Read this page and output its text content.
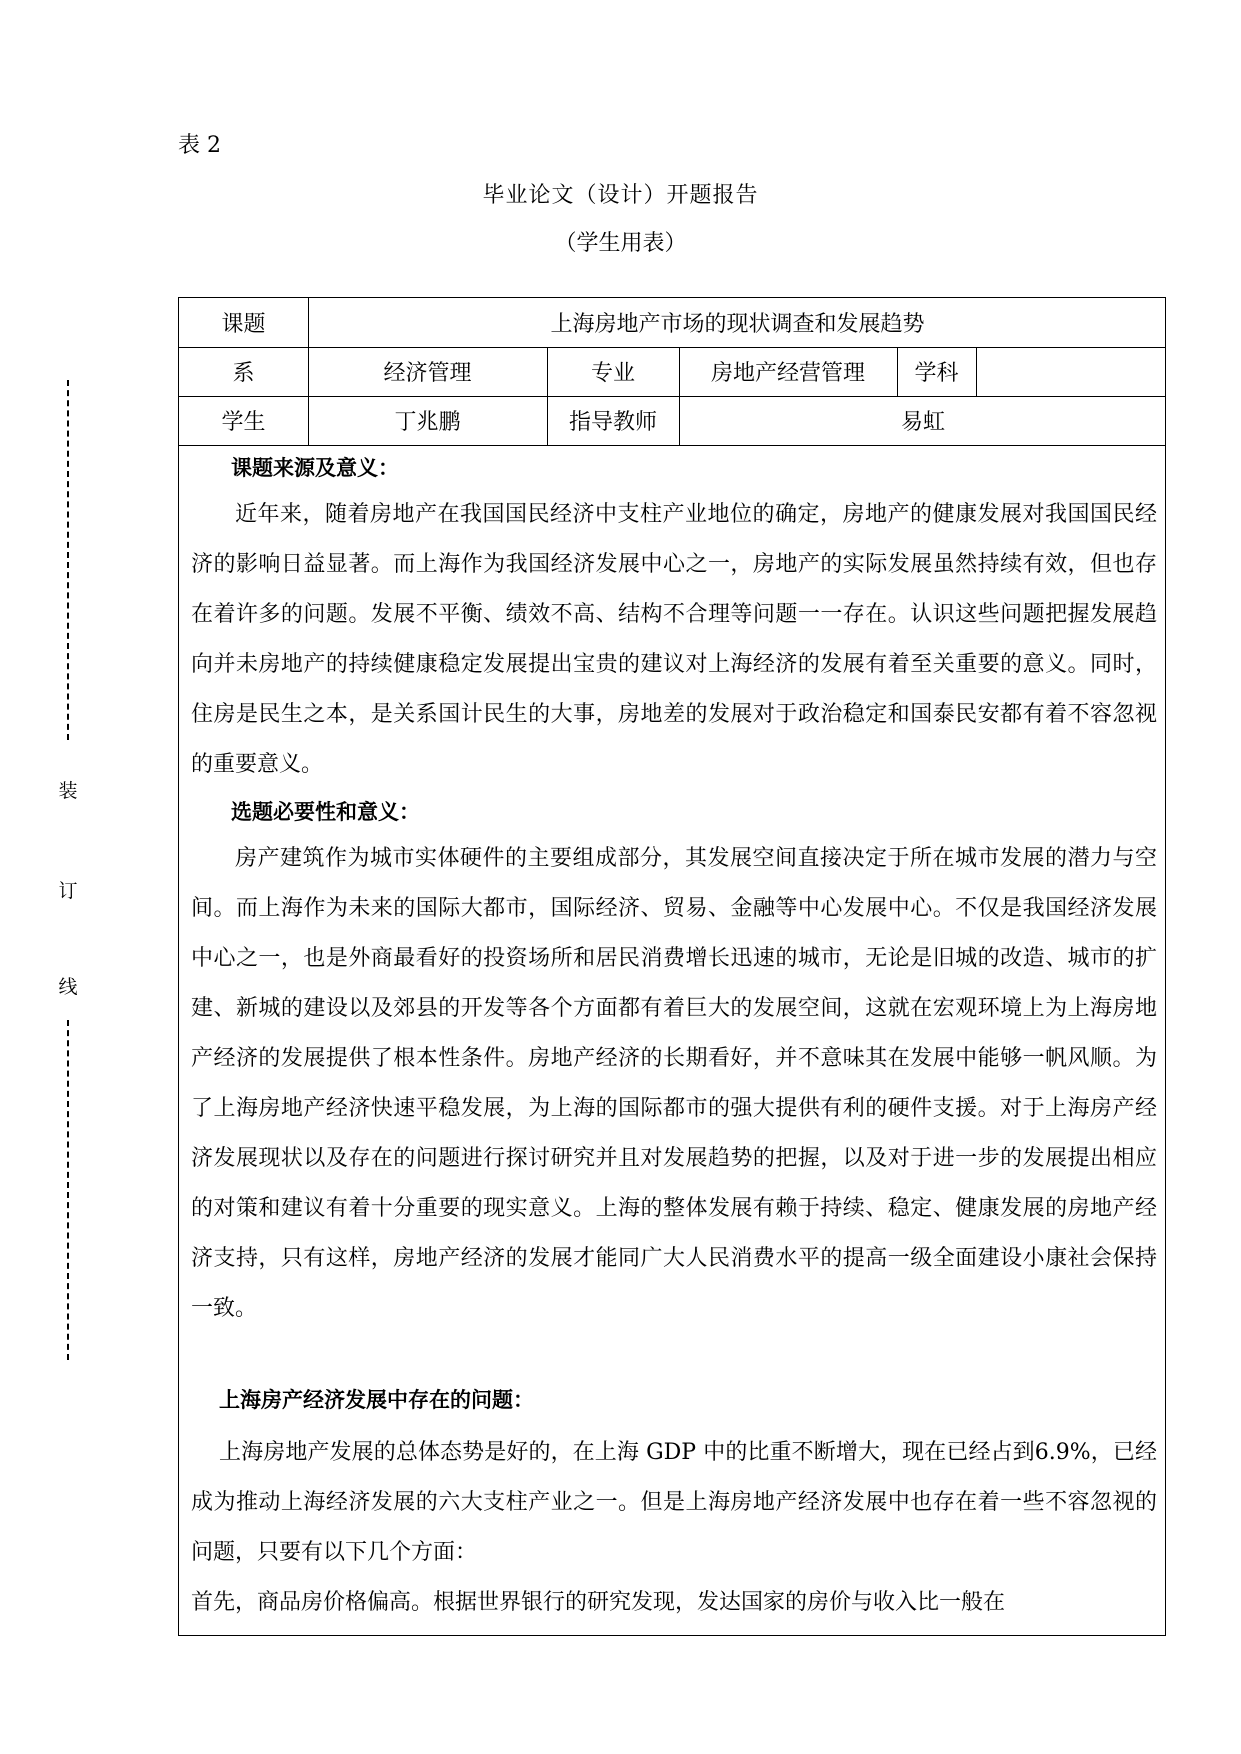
表 2
毕业论文（设计）开题报告
（学生用表）
装
订
线
课题	上海房地产市场的现状调查和发展趋势
系	经济管理	专业	房地产经营管理	学科
学生	丁兆鹏	指导教师	易虹
课题来源及意义：

近年来，随着房地产在我国国民经济中支柱产业地位的确定，房地产的健康发展对我国国民经济的影响日益显著。而上海作为我国经济发展中心之一，房地产的实际发展虽然持续有效，但也存在着许多的问题。发展不平衡、绩效不高、结构不合理等问题一一存在。认识这些问题把握发展趋向并未房地产的持续健康稳定发展提出宝贵的建议对上海经济的发展有着至关重要的意义。同时，住房是民生之本，是关系国计民生的大事，房地差的发展对于政治稳定和国泰民安都有着不容忽视的重要意义。

选题必要性和意义：

房产建筑作为城市实体硬件的主要组成部分，其发展空间直接决定于所在城市发展的潜力与空间。而上海作为未来的国际大都市，国际经济、贸易、金融等中心发展中心。不仅是我国经济发展中心之一，也是外商最看好的投资场所和居民消费增长迅速的城市，无论是旧城的改造、城市的扩建、新城的建设以及郊县的开发等各个方面都有着巨大的发展空间，这就在宏观环境上为上海房地产经济的发展提供了根本性条件。房地产经济的长期看好，并不意味其在发展中能够一帆风顺。为了上海房地产经济快速平稳发展，为上海的国际都市的强大提供有利的硬件支援。对于上海房产经济发展现状以及存在的问题进行探讨研究并且对发展趋势的把握，以及对于进一步的发展提出相应的对策和建议有着十分重要的现实意义。上海的整体发展有赖于持续、稳定、健康发展的房地产经济支持，只有这样，房地产经济的发展才能同广大人民消费水平的提高一级全面建设小康社会保持一致。

上海房产经济发展中存在的问题：

上海房地产发展的总体态势是好的，在上海 GDP 中的比重不断增大，现在已经占到6.9%，已经成为推动上海经济发展的六大支柱产业之一。但是上海房地产经济发展中也存在着一些不容忽视的问题，只要有以下几个方面：

首先，商品房价格偏高。根据世界银行的研究发现，发达国家的房价与收入比一般在
